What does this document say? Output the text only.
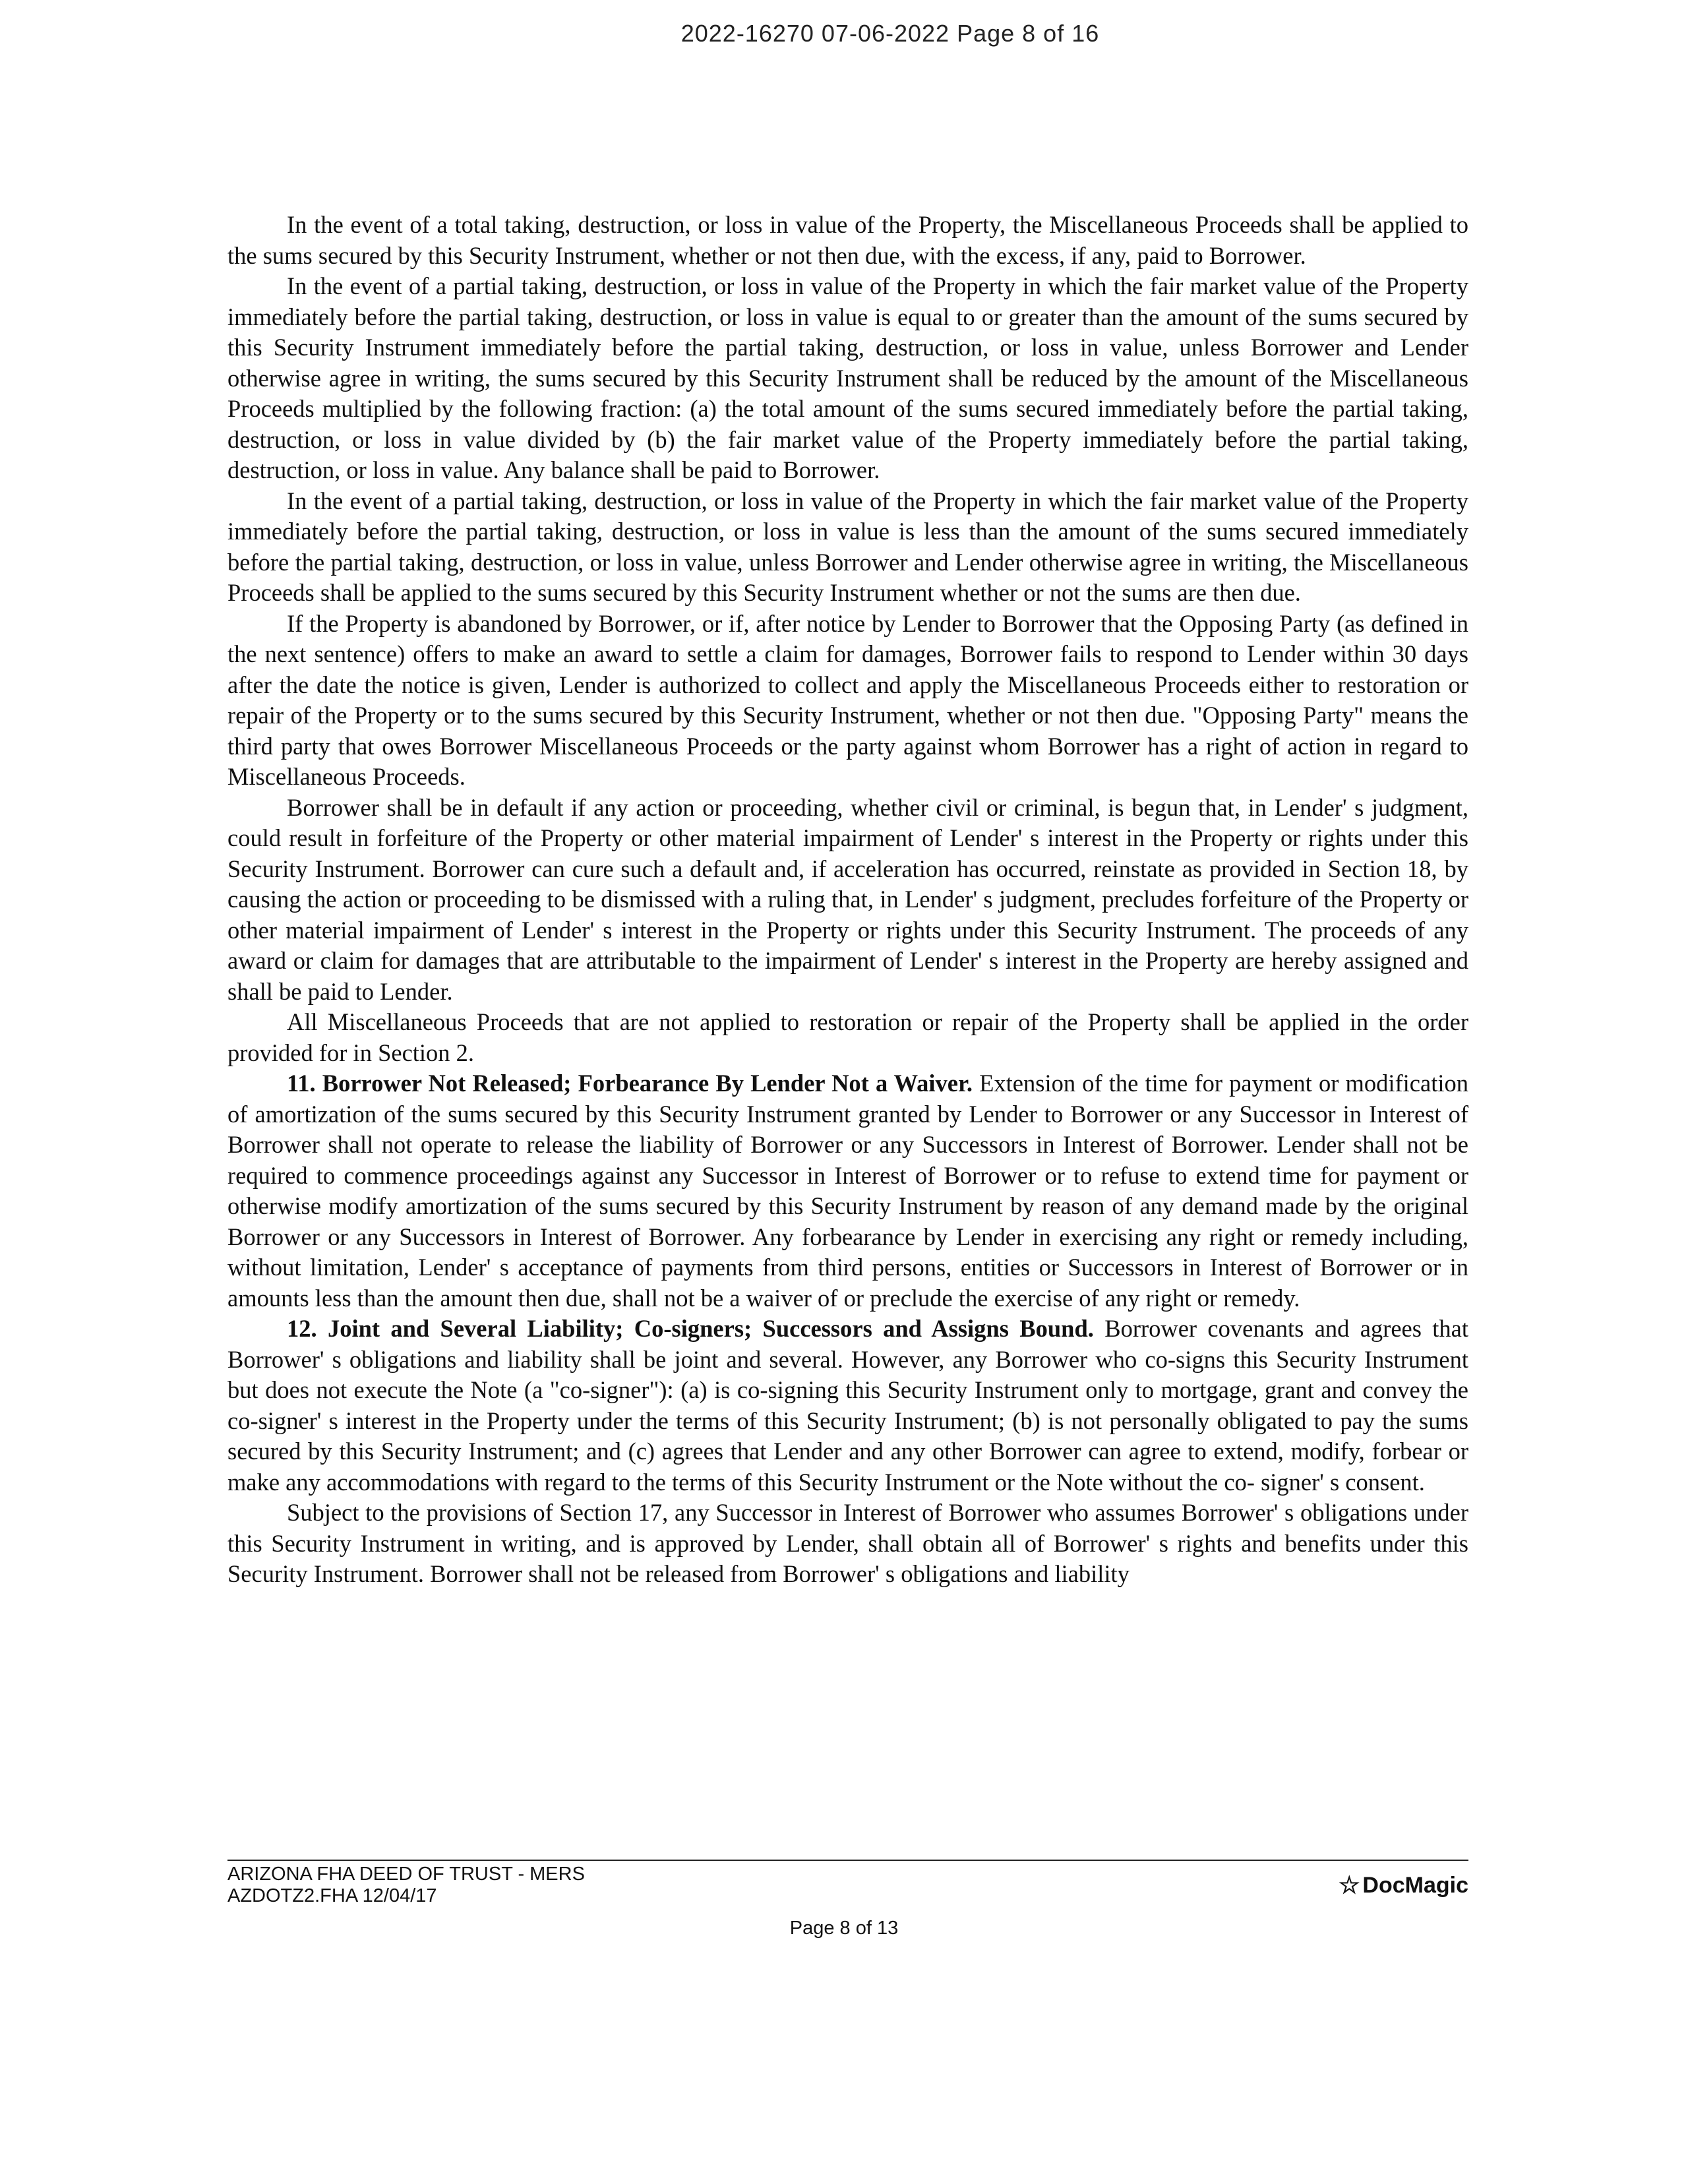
2022-16270 07-06-2022 Page 8 of 16

In the event of a total taking, destruction, or loss in value of the Property, the Miscellaneous Proceeds shall be applied to the sums secured by this Security Instrument, whether or not then due, with the excess, if any, paid to Borrower.

In the event of a partial taking, destruction, or loss in value of the Property in which the fair market value of the Property immediately before the partial taking, destruction, or loss in value is equal to or greater than the amount of the sums secured by this Security Instrument immediately before the partial taking, destruction, or loss in value, unless Borrower and Lender otherwise agree in writing, the sums secured by this Security Instrument shall be reduced by the amount of the Miscellaneous Proceeds multiplied by the following fraction: (a) the total amount of the sums secured immediately before the partial taking, destruction, or loss in value divided by (b) the fair market value of the Property immediately before the partial taking, destruction, or loss in value. Any balance shall be paid to Borrower.

In the event of a partial taking, destruction, or loss in value of the Property in which the fair market value of the Property immediately before the partial taking, destruction, or loss in value is less than the amount of the sums secured immediately before the partial taking, destruction, or loss in value, unless Borrower and Lender otherwise agree in writing, the Miscellaneous Proceeds shall be applied to the sums secured by this Security Instrument whether or not the sums are then due.

If the Property is abandoned by Borrower, or if, after notice by Lender to Borrower that the Opposing Party (as defined in the next sentence) offers to make an award to settle a claim for damages, Borrower fails to respond to Lender within 30 days after the date the notice is given, Lender is authorized to collect and apply the Miscellaneous Proceeds either to restoration or repair of the Property or to the sums secured by this Security Instrument, whether or not then due. "Opposing Party" means the third party that owes Borrower Miscellaneous Proceeds or the party against whom Borrower has a right of action in regard to Miscellaneous Proceeds.

Borrower shall be in default if any action or proceeding, whether civil or criminal, is begun that, in Lender' s judgment, could result in forfeiture of the Property or other material impairment of Lender' s interest in the Property or rights under this Security Instrument. Borrower can cure such a default and, if acceleration has occurred, reinstate as provided in Section 18, by causing the action or proceeding to be dismissed with a ruling that, in Lender' s judgment, precludes forfeiture of the Property or other material impairment of Lender' s interest in the Property or rights under this Security Instrument. The proceeds of any award or claim for damages that are attributable to the impairment of Lender' s interest in the Property are hereby assigned and shall be paid to Lender.

All Miscellaneous Proceeds that are not applied to restoration or repair of the Property shall be applied in the order provided for in Section 2.

11. Borrower Not Released; Forbearance By Lender Not a Waiver. Extension of the time for payment or modification of amortization of the sums secured by this Security Instrument granted by Lender to Borrower or any Successor in Interest of Borrower shall not operate to release the liability of Borrower or any Successors in Interest of Borrower. Lender shall not be required to commence proceedings against any Successor in Interest of Borrower or to refuse to extend time for payment or otherwise modify amortization of the sums secured by this Security Instrument by reason of any demand made by the original Borrower or any Successors in Interest of Borrower. Any forbearance by Lender in exercising any right or remedy including, without limitation, Lender' s acceptance of payments from third persons, entities or Successors in Interest of Borrower or in amounts less than the amount then due, shall not be a waiver of or preclude the exercise of any right or remedy.

12. Joint and Several Liability; Co-signers; Successors and Assigns Bound. Borrower covenants and agrees that Borrower' s obligations and liability shall be joint and several. However, any Borrower who co-signs this Security Instrument but does not execute the Note (a "co-signer"): (a) is co-signing this Security Instrument only to mortgage, grant and convey the co-signer' s interest in the Property under the terms of this Security Instrument; (b) is not personally obligated to pay the sums secured by this Security Instrument; and (c) agrees that Lender and any other Borrower can agree to extend, modify, forbear or make any accommodations with regard to the terms of this Security Instrument or the Note without the co- signer' s consent.

Subject to the provisions of Section 17, any Successor in Interest of Borrower who assumes Borrower' s obligations under this Security Instrument in writing, and is approved by Lender, shall obtain all of Borrower' s rights and benefits under this Security Instrument. Borrower shall not be released from Borrower' s obligations and liability

ARIZONA FHA DEED OF TRUST - MERS
AZDOTZ2.FHA 12/04/17	☆ DocMagic
Page 8 of 13
